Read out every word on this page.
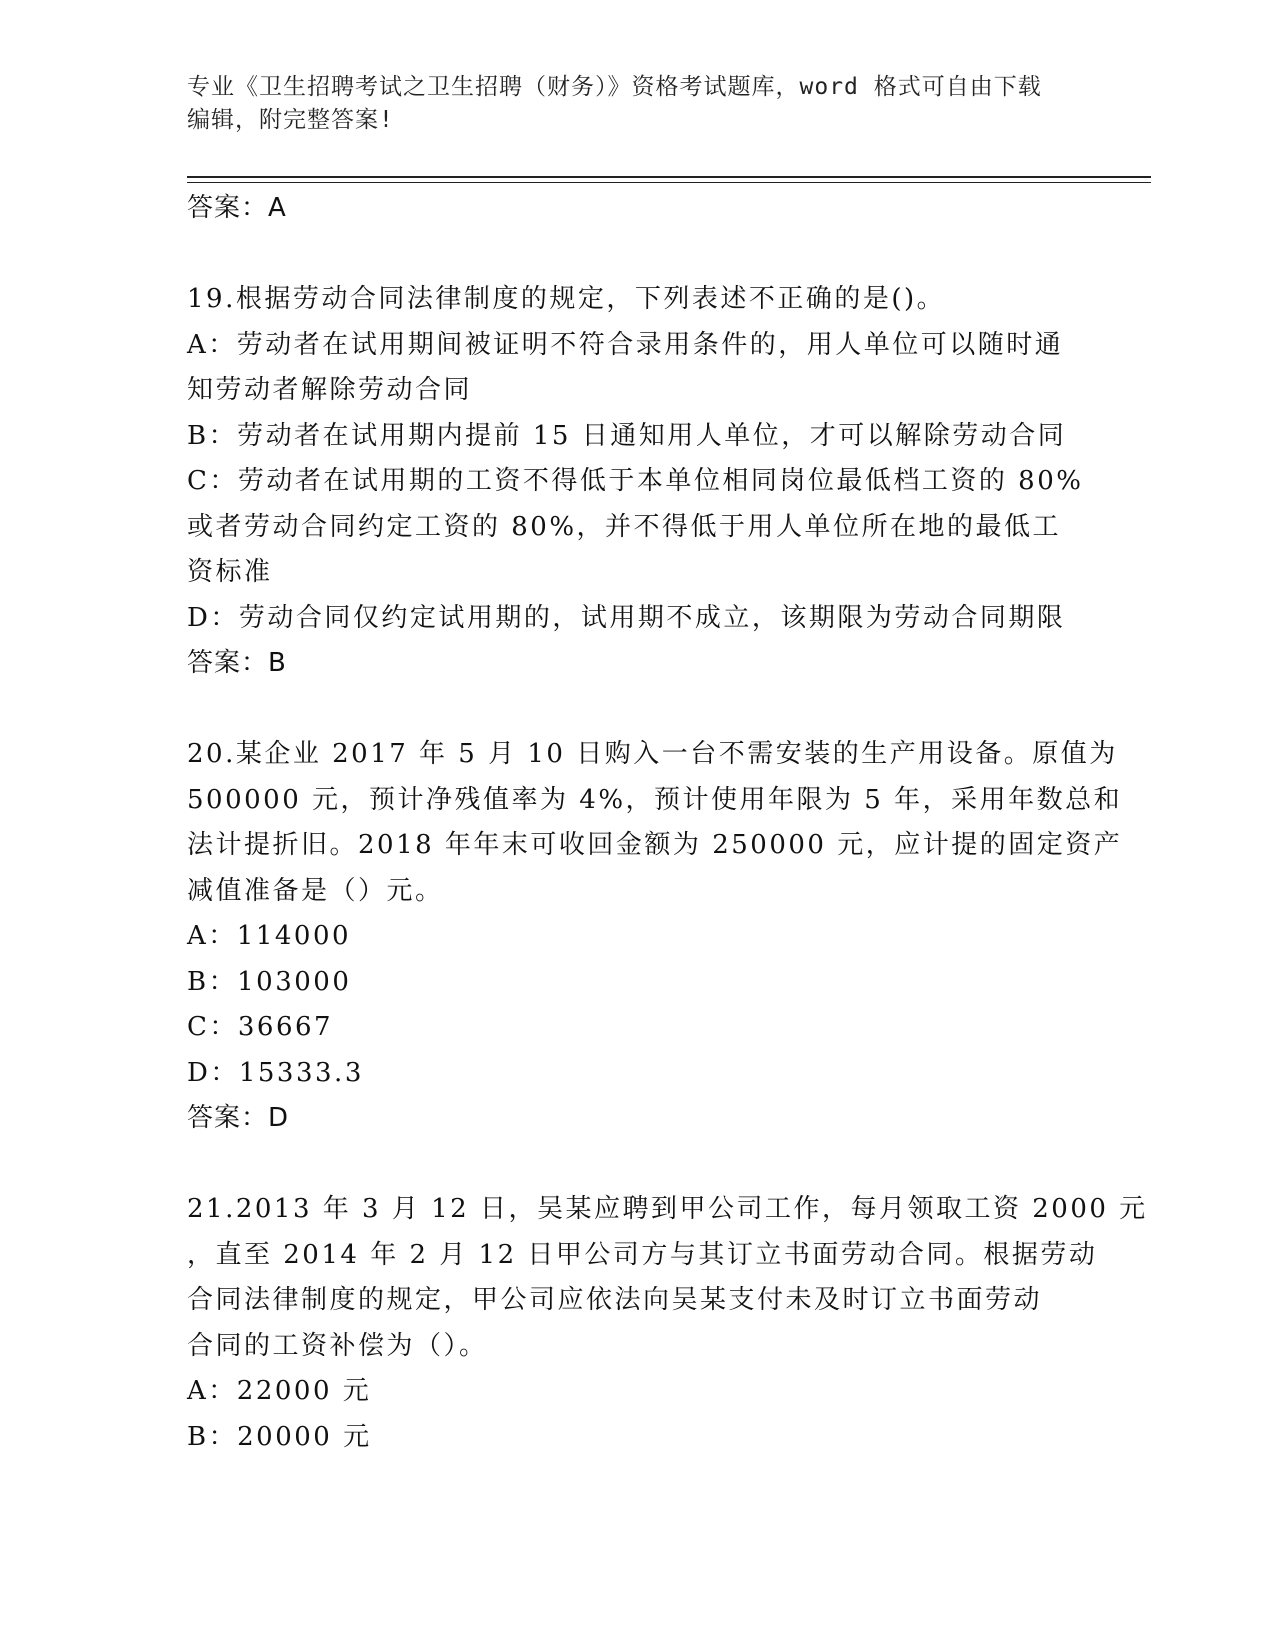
专业《卫生招聘考试之卫生招聘（财务）》资格考试题库，word 格式可自由下载
编辑，附完整答案!
答案：A
19.根据劳动合同法律制度的规定，下列表述不正确的是()。
A：劳动者在试用期间被证明不符合录用条件的，用人单位可以随时通
知劳动者解除劳动合同
B：劳动者在试用期内提前 15 日通知用人单位，才可以解除劳动合同
C：劳动者在试用期的工资不得低于本单位相同岗位最低档工资的 80%
或者劳动合同约定工资的 80%，并不得低于用人单位所在地的最低工
资标准
D：劳动合同仅约定试用期的，试用期不成立，该期限为劳动合同期限
答案：B
20.某企业 2017 年 5 月 10 日购入一台不需安装的生产用设备。原值为
500000 元，预计净残值率为 4%，预计使用年限为 5 年，采用年数总和
法计提折旧。2018 年年末可收回金额为 250000 元，应计提的固定资产
减值准备是（）元。
A：114000
B：103000
C：36667
D：15333.3
答案：D
21.2013 年 3 月 12 日，吴某应聘到甲公司工作，每月领取工资 2000 元
，直至 2014 年 2 月 12 日甲公司方与其订立书面劳动合同。根据劳动
合同法律制度的规定，甲公司应依法向吴某支付未及时订立书面劳动
合同的工资补偿为（）。
A：22000 元
B：20000 元
